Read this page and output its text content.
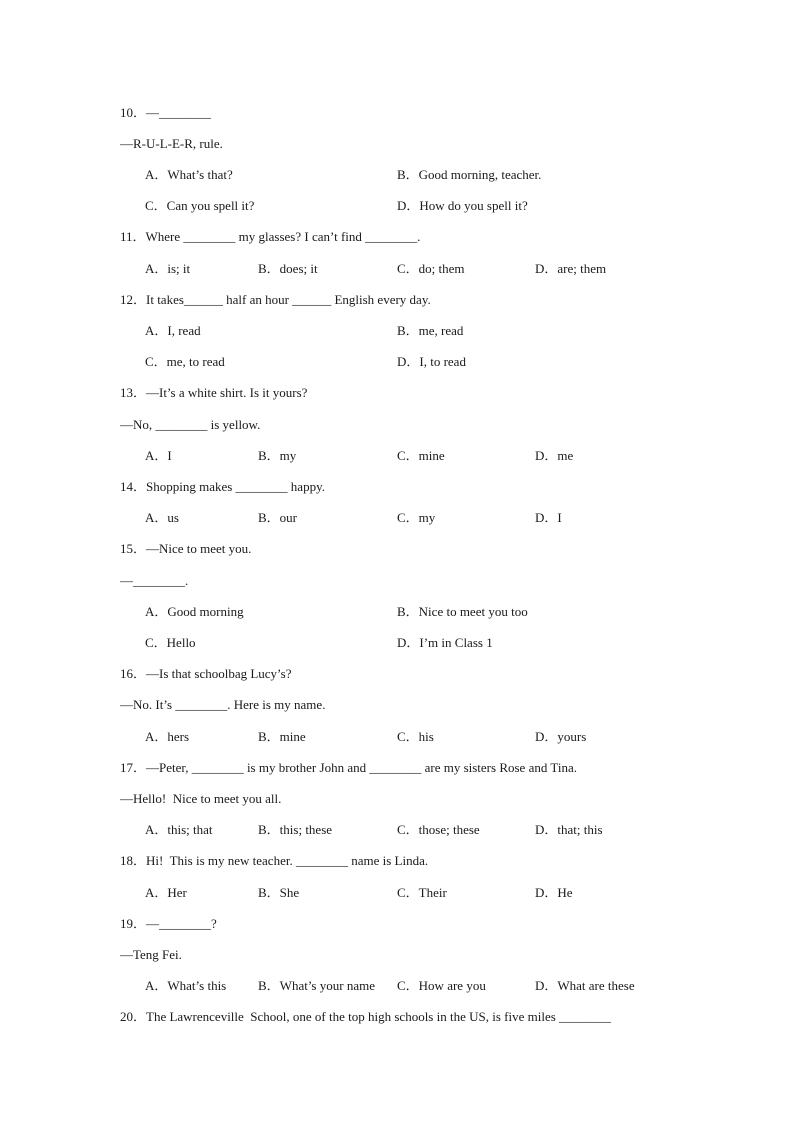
10．—________
—R-U-L-E-R, rule.

A．What’s that?

	B．Good morning, teacher.

C．Can you spell it?

	D．How do you spell it?

11．Where ________ my glasses? I can’t find ________.

A．is; it

	B．does; it

	C．do; them

	D．are; them

12．It takes______ half an hour ______ English every day.

A．I, read

	B．me, read

C．me, to read

	D．I, to read

13．—It’s a white shirt. Is it yours?
—No, ________ is yellow.

A．I

	B．my

	C．mine

	D．me

14．Shopping makes ________ happy.

A．us

	B．our

	C．my

	D．I

15．—Nice to meet you.
—________.

A．Good morning

	B．Nice to meet you too

C．Hello

	D．I’m in Class 1

16．—Is that schoolbag Lucy’s?
—No. It’s ________. Here is my name.

A．hers

	B．mine

	C．his

	D．yours

17．—Peter, ________ is my brother John and ________ are my sisters Rose and Tina.
—Hello!  Nice to meet you all.

A．this; that

	B．this; these

	C．those; these

	D．that; this

18．Hi!  This is my new teacher. ________ name is Linda.

A．Her

	B．She

	C．Their

	D．He

19．—________?
—Teng Fei.

A．What’s this

B．What’s your name

C．How are you

	D．What are these

20．The Lawrenceville  School, one of the top high schools in the US, is five miles ________
